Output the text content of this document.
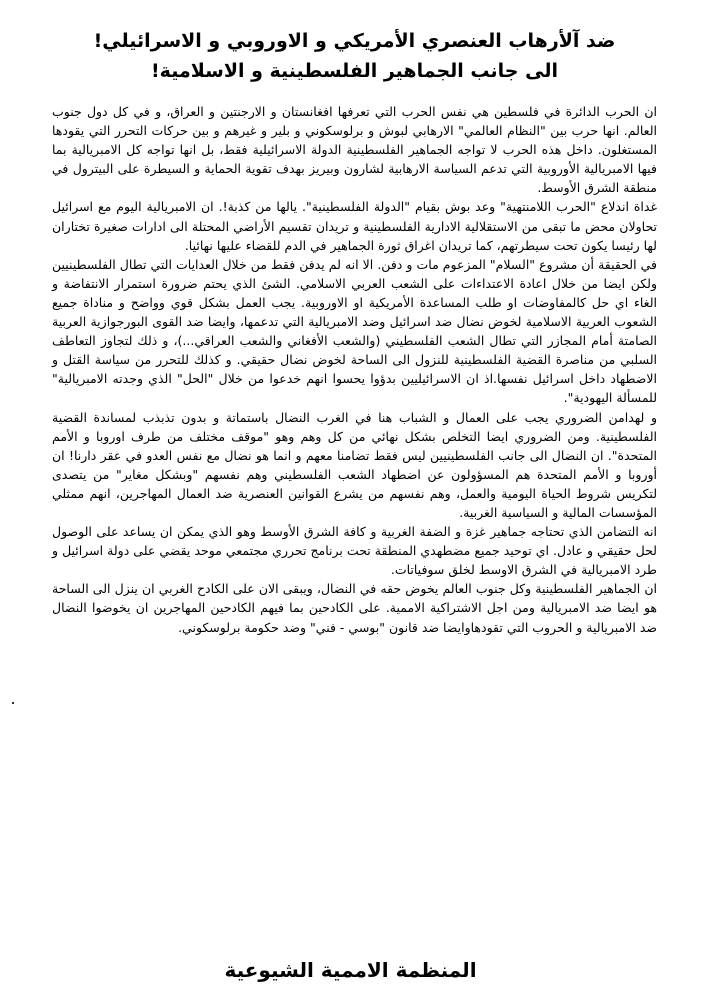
ضد آلأرهاب العنصري الأمريكي و الاوروبي و الاسرائيلي!
الى جانب الجماهير الفلسطينية و الاسلامية!

ان الحرب الدائرة في فلسطين هي نفس الحرب التي تعرفها افغانستان و الارجنتين و العراق، و في كل دول جنوب العالم. انها حرب بين "النظام العالمي" الارهابي لبوش و برلوسكوني و بلير و غيرهم و بين حركات التحرر التي يقودها المستغلون. داخل هذه الحرب لا تواجه الجماهير الفلسطينية الدولة الاسرائيلية فقط، بل انها تواجه كل الامبريالية بما فيها الامبريالية الأوروبية التي تدعم السياسة الارهابية لشارون وبيريز بهدف تقوية الحماية و السيطرة على البيترول في منطقة الشرق الأوسط.

غداة اندلاع "الحرب اللامنتهية" وعد بوش بقيام "الدولة الفلسطينية". يالها من كذبة!. ان الامبريالية اليوم مع اسرائيل تحاولان محض ما تبقى من الاستقلالية الادارية الفلسطينية و تريدان تقسيم الأراضي المحتلة الى ادارات صغيرة تختاران لها رئيسا يكون تحت سيطرتهم، كما تريدان اغراق ثورة الجماهير في الدم للقضاء عليها نهائيا.

في الحقيقة أن مشروع "السلام" المزعوم مات و دفن. الا انه لم يدفن فقط من خلال العدايات التي تطال الفلسطينيين ولكن ايضا من خلال اعادة الاعتداءات على الشعب العربي الاسلامي. الشئ الذي يحتم ضرورة استمرار الانتفاضة و الغاء اي حل كالمفاوضات او طلب المساعدة الأمريكية او الاوروبية. يجب العمل بشكل قوي وواضح و مناداة جميع الشعوب العربية الاسلامية لخوض نضال ضد اسرائيل وضد الامبريالية التي تدعمها، وايضا ضد القوى البورجوازية العربية الصامتة أمام المجازر التي تطال الشعب الفلسطيني (والشعب الأفغاني والشعب العراقي...)، و ذلك لتجاوز التعاطف السلبي من مناصرة القضية الفلسطينية للنزول الى الساحة لخوض نضال حقيقي. و كذلك للتحرر من سياسة القتل و الاضطهاد داخل اسرائيل نفسها.اذ ان الاسرائيليين بدؤوا يحسوا انهم خدعوا من خلال "الحل" الذي وجدته الامبريالية" للمسألة اليهودية".

و لهدامن الضروري يجب على العمال و الشباب هنا في الغرب النضال باستماتة و بدون تذبذب لمساندة القضية الفلسطينية. ومن الضروري ايضا التخلص بشكل نهائي من كل وهم وهو "موقف مختلف من طرف اوروبا و الأمم المتحدة". ان النضال الى جانب الفلسطينيين ليس فقط تضامنا معهم و انما هو نضال مع نفس العدو في عقر دارنا! ان أوروبا و الأمم المتحدة هم المسؤولون عن اضطهاد الشعب الفلسطيني وهم نفسهم "وبشكل مغاير" من يتصدى لتكريس شروط الحياة اليومية والعمل، وهم نفسهم من يشرع القوانين العنصرية ضد العمال المهاجرين، انهم ممثلي المؤسسات المالية و السياسية الغربية.

انه التضامن الذي تحتاجه جماهير غزة و الضفة الغربية و كافة الشرق الأوسط وهو الذي يمكن ان يساعد على الوصول لحل حقيقي و عادل. اي توحيد جميع مضطهدي المنطقة تحت برنامج تحرري مجتمعي موحد يقضي على دولة اسرائيل و طرد الامبريالية في الشرق الاوسط لخلق سوفياتات.

ان الجماهير الفلسطينية وكل جنوب العالم يخوض حقه في النضال، ويبقى الان على الكادح الغربي ان ينزل الى الساحة هو ايضا ضد الامبريالية ومن اجل الاشتراكية الاممية. على الكادحين بما فيهم الكادحين المهاجرين ان يخوضوا النضال ضد الامبريالية و الحروب التي تقودهاوايضا ضد قانون "بوسي - فني" وضد حكومة برلوسكوني.

المنظمة الاممية الشيوعية
